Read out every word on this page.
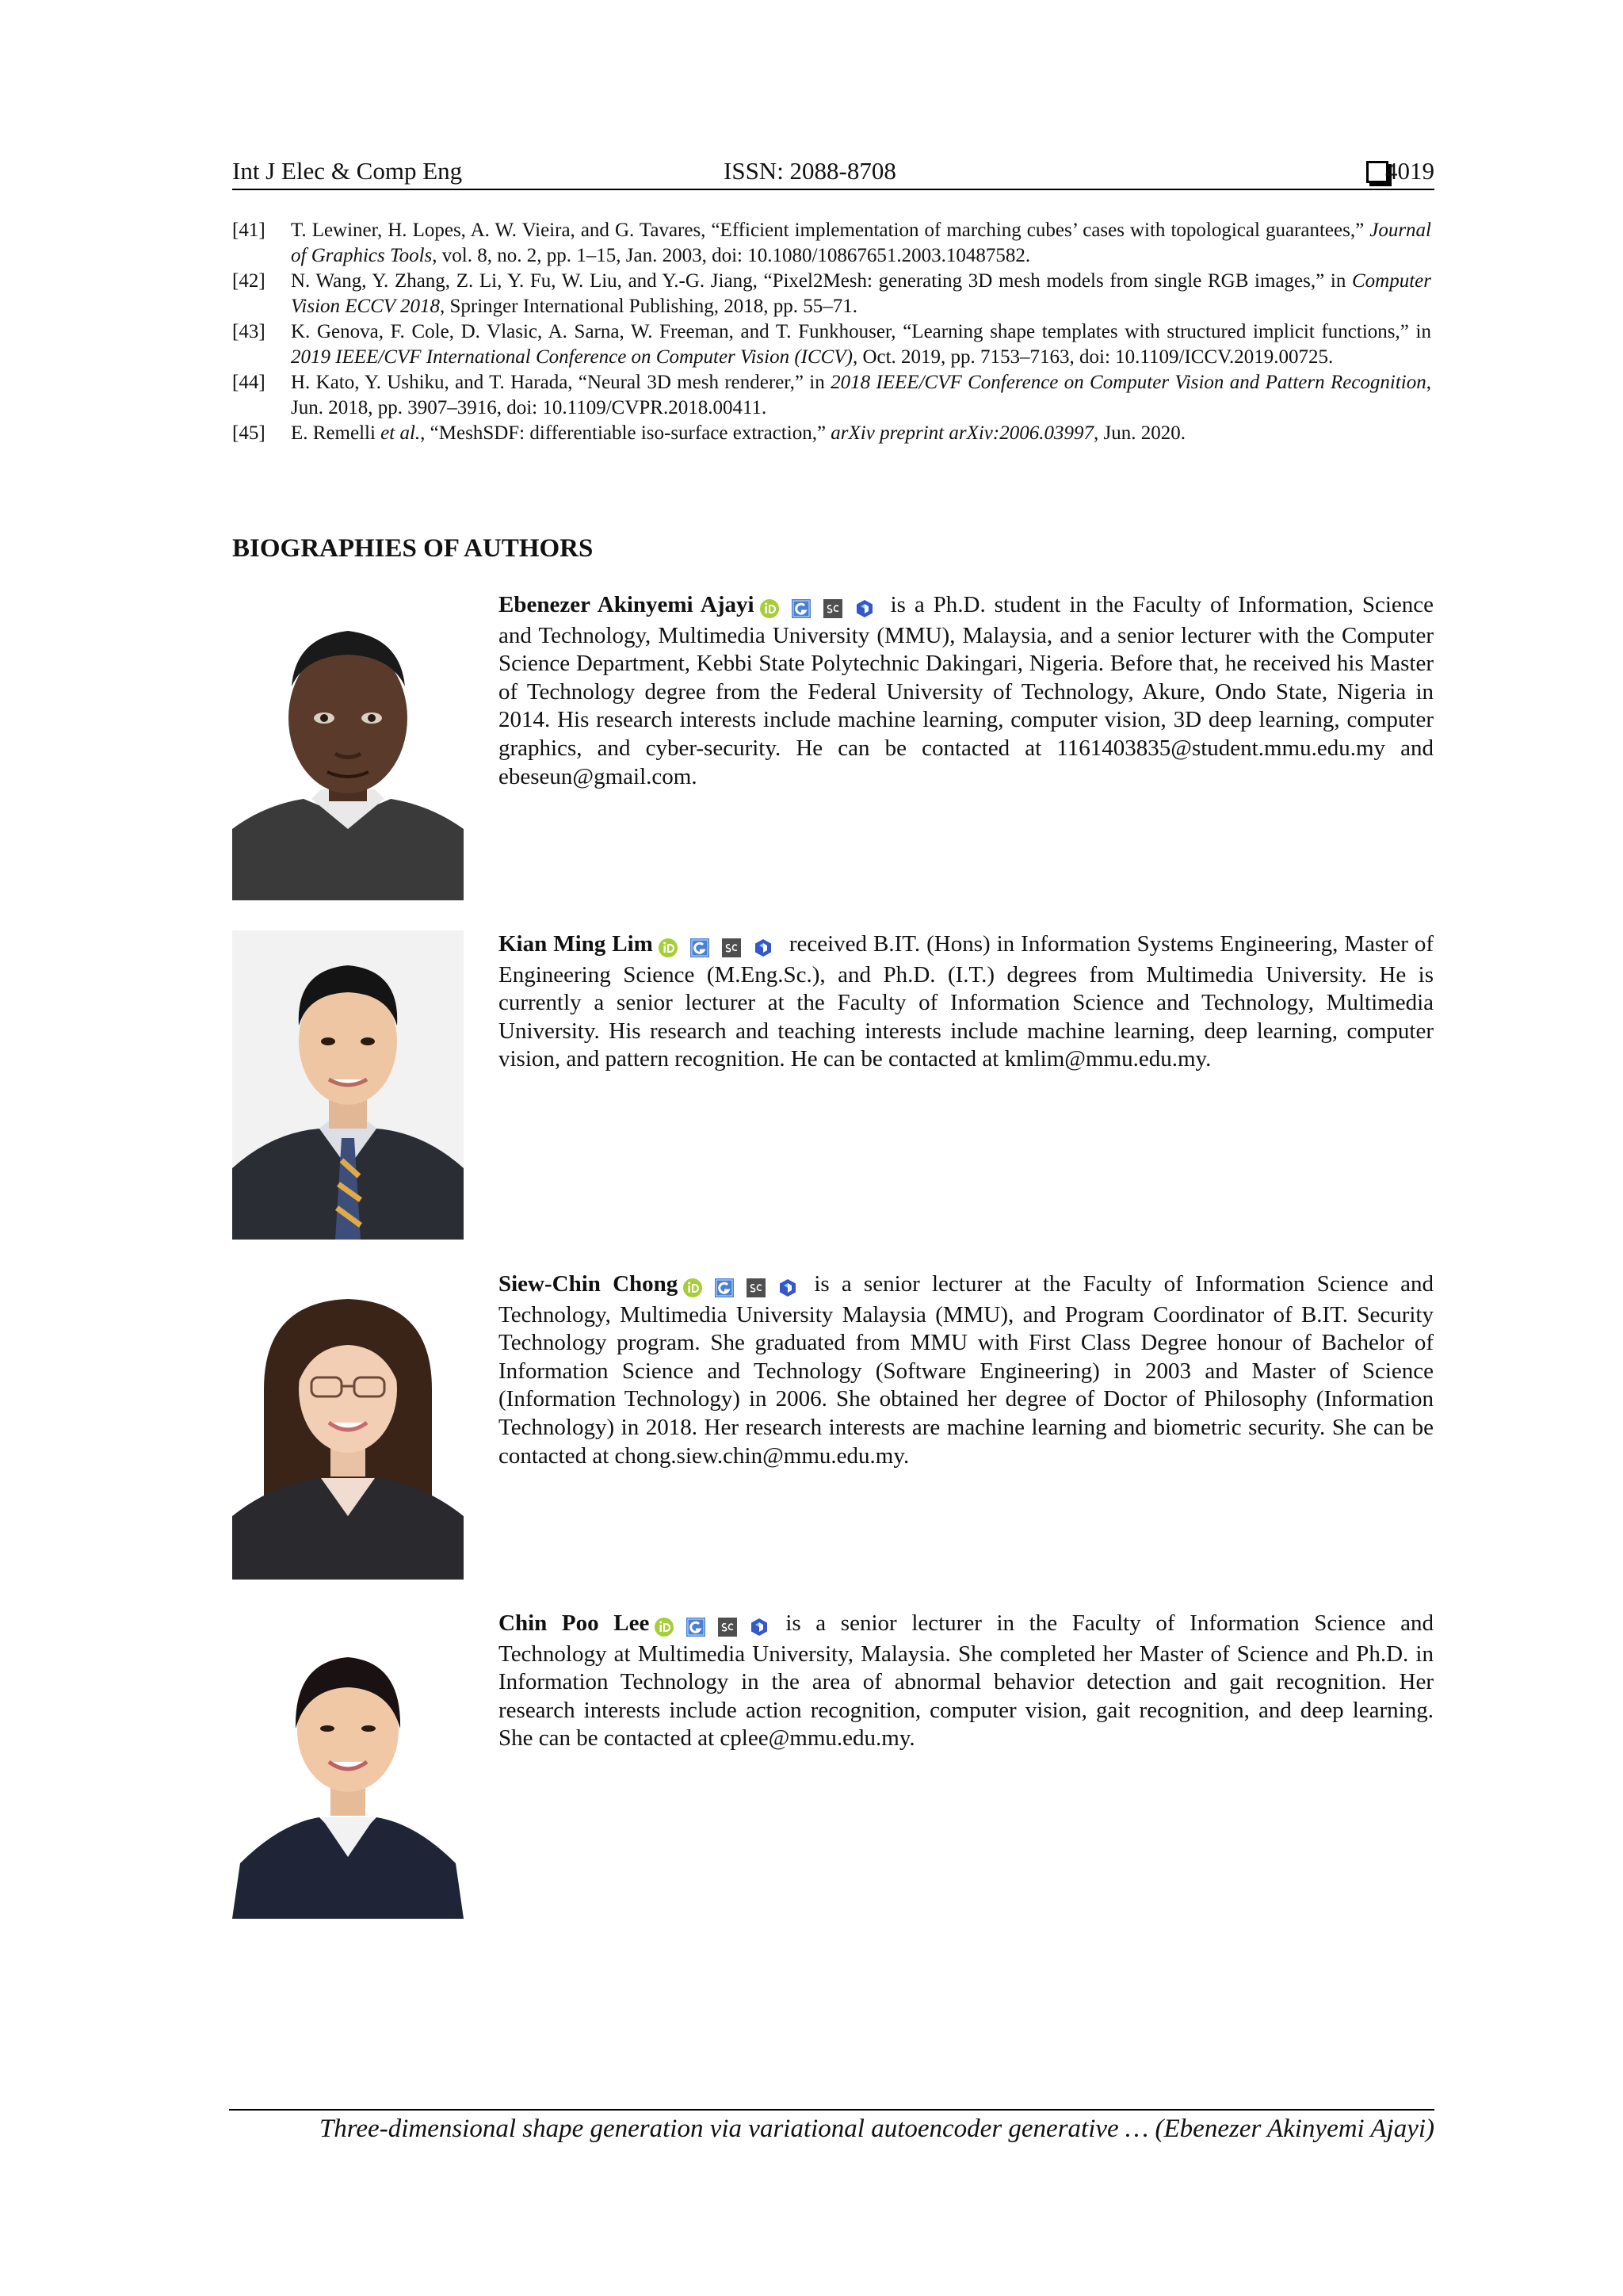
Int J Elec & Comp Eng	ISSN: 2088-8708	4019
[41] T. Lewiner, H. Lopes, A. W. Vieira, and G. Tavares, “Efficient implementation of marching cubes’ cases with topological guarantees,” Journal of Graphics Tools, vol. 8, no. 2, pp. 1–15, Jan. 2003, doi: 10.1080/10867651.2003.10487582.
[42] N. Wang, Y. Zhang, Z. Li, Y. Fu, W. Liu, and Y.-G. Jiang, “Pixel2Mesh: generating 3D mesh models from single RGB images,” in Computer Vision ECCV 2018, Springer International Publishing, 2018, pp. 55–71.
[43] K. Genova, F. Cole, D. Vlasic, A. Sarna, W. Freeman, and T. Funkhouser, “Learning shape templates with structured implicit functions,” in 2019 IEEE/CVF International Conference on Computer Vision (ICCV), Oct. 2019, pp. 7153–7163, doi: 10.1109/ICCV.2019.00725.
[44] H. Kato, Y. Ushiku, and T. Harada, “Neural 3D mesh renderer,” in 2018 IEEE/CVF Conference on Computer Vision and Pattern Recognition, Jun. 2018, pp. 3907–3916, doi: 10.1109/CVPR.2018.00411.
[45] E. Remelli et al., “MeshSDF: differentiable iso-surface extraction,” arXiv preprint arXiv:2006.03997, Jun. 2020.
BIOGRAPHIES OF AUTHORS
Ebenezer Akinyemi Ajayi	is a Ph.D. student in the Faculty of Information, Science and Technology, Multimedia University (MMU), Malaysia, and a senior lecturer with the Computer Science Department, Kebbi State Polytechnic Dakingari, Nigeria. Before that, he received his Master of Technology degree from the Federal University of Technology, Akure, Ondo State, Nigeria in 2014. His research interests include machine learning, computer vision, 3D deep learning, computer graphics, and cyber-security. He can be contacted at 1161403835@student.mmu.edu.my and ebeseun@gmail.com.
Kian Ming Lim	received B.IT. (Hons) in Information Systems Engineering, Master of Engineering Science (M.Eng.Sc.), and Ph.D. (I.T.) degrees from Multimedia University. He is currently a senior lecturer at the Faculty of Information Science and Technology, Multimedia University. His research and teaching interests include machine learning, deep learning, computer vision, and pattern recognition. He can be contacted at kmlim@mmu.edu.my.
Siew-Chin Chong	is a senior lecturer at the Faculty of Information Science and Technology, Multimedia University Malaysia (MMU), and Program Coordinator of B.IT. Security Technology program. She graduated from MMU with First Class Degree honour of Bachelor of Information Science and Technology (Software Engineering) in 2003 and Master of Science (Information Technology) in 2006. She obtained her degree of Doctor of Philosophy (Information Technology) in 2018. Her research interests are machine learning and biometric security. She can be contacted at chong.siew.chin@mmu.edu.my.
Chin Poo Lee	is a senior lecturer in the Faculty of Information Science and Technology at Multimedia University, Malaysia. She completed her Master of Science and Ph.D. in Information Technology in the area of abnormal behavior detection and gait recognition. Her research interests include action recognition, computer vision, gait recognition, and deep learning. She can be contacted at cplee@mmu.edu.my.
Three-dimensional shape generation via variational autoencoder generative … (Ebenezer Akinyemi Ajayi)
